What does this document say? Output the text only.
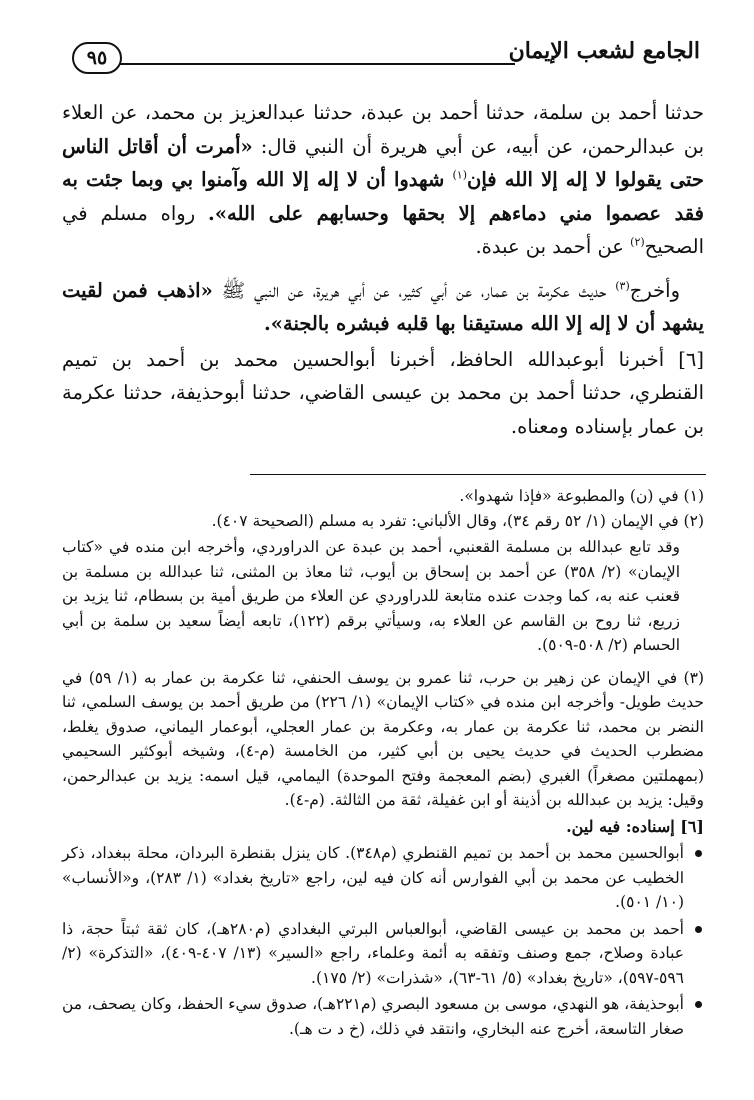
الجامع لشعب الإيمان
٩٥

حدثنا أحمد بن سلمة، حدثنا أحمد بن عبدة، حدثنا عبدالعزيز بن محمد، عن العلاء بن عبدالرحمن، عن أبيه، عن أبي هريرة أن النبي قال: «أمرت أن أقاتل الناس حتى يقولوا لا إله إلا الله فإن$^{(١)}$ شهدوا أن لا إله إلا الله وآمنوا بي وبما جئت به فقد عصموا مني دماءهم إلا بحقها وحسابهم على الله». رواه مسلم في الصحيح$^{(٢)}$ عن أحمد بن عبدة.

وأخرج$^{(٣)}$ حديث عكرمة بن عمار، عن أبي كثير، عن أبي هريرة، عن النبي ﷺ «اذهب فمن لقيت يشهد أن لا إله إلا الله مستيقنا بها قلبه فبشره بالجنة».

[٦] أخبرنا أبوعبدالله الحافظ، أخبرنا أبوالحسين محمد بن أحمد بن تميم القنطري، حدثنا أحمد بن محمد بن عيسى القاضي، حدثنا أبوحذيفة، حدثنا عكرمة بن عمار بإسناده ومعناه.

(١) في (ن) والمطبوعة «فإذا شهدوا».

(٢) في الإيمان (١/ ٥٢ رقم ٣٤)، وقال الألباني: تفرد به مسلم (الصحيحة ٤٠٧).

وقد تابع عبدالله بن مسلمة القعنبي، أحمد بن عبدة عن الدراوردي، وأخرجه ابن منده في «كتاب الإيمان» (٢/ ٣٥٨) عن أحمد بن إسحاق بن أيوب، ثنا معاذ بن المثنى، ثنا عبدالله بن مسلمة بن قعنب عنه به، كما وجدت عنده متابعة للدراوردي عن العلاء من طريق أمية بن بسطام، ثنا يزيد بن زريع، ثنا روح بن القاسم عن العلاء به، وسيأتي برقم (١٢٢)، تابعه أيضاً سعيد بن سلمة بن أبي الحسام (٢/ ٥٠٨-٥٠٩).

(٣) في الإيمان عن زهير بن حرب، ثنا عمرو بن يوسف الحنفي، ثنا عكرمة بن عمار به (١/ ٥٩) في حديث طويل- وأخرجه ابن منده في «كتاب الإيمان» (١/ ٢٢٦) من طريق أحمد بن يوسف السلمي، ثنا النضر بن محمد، ثنا عكرمة بن عمار به، وعكرمة بن عمار العجلي، أبوعمار اليماني، صدوق يغلط، مضطرب الحديث في حديث يحيى بن أبي كثير، من الخامسة (م-٤)، وشيخه أبوكثير السحيمي (بمهملتين مصغراً) الغبري (بضم المعجمة وفتح الموحدة) اليمامي، قيل اسمه: يزيد بن عبدالرحمن، وقيل: يزيد بن عبدالله بن أذينة أو ابن غفيلة، ثقة من الثالثة. (م-٤).

[٦] إسناده: فيه لين.

أبوالحسين محمد بن أحمد بن تميم القنطري (م٣٤٨). كان ينزل بقنطرة البردان، محلة ببغداد، ذكر الخطيب عن محمد بن أبي الفوارس أنه كان فيه لين، راجع «تاريخ بغداد» (١/ ٢٨٣)، و«الأنساب» (١٠/ ٥٠١).
أحمد بن محمد بن عيسى القاضي، أبوالعباس البرتي البغدادي (م٢٨٠هـ)، كان ثقة ثبتاً حجة، ذا عبادة وصلاح، جمع وصنف وتفقه به أئمة وعلماء، راجع «السير» (١٣/ ٤٠٧-٤٠٩)، «التذكرة» (٢/ ٥٩٦-٥٩٧)، «تاريخ بغداد» (٥/ ٦١-٦٣)، «شذرات» (٢/ ١٧٥).
أبوحذيفة، هو النهدي، موسى بن مسعود البصري (م٢٢١هـ)، صدوق سيء الحفظ، وكان يصحف، من صغار التاسعة، أخرج عنه البخاري، وانتقد في ذلك، (خ د ت هـ).
